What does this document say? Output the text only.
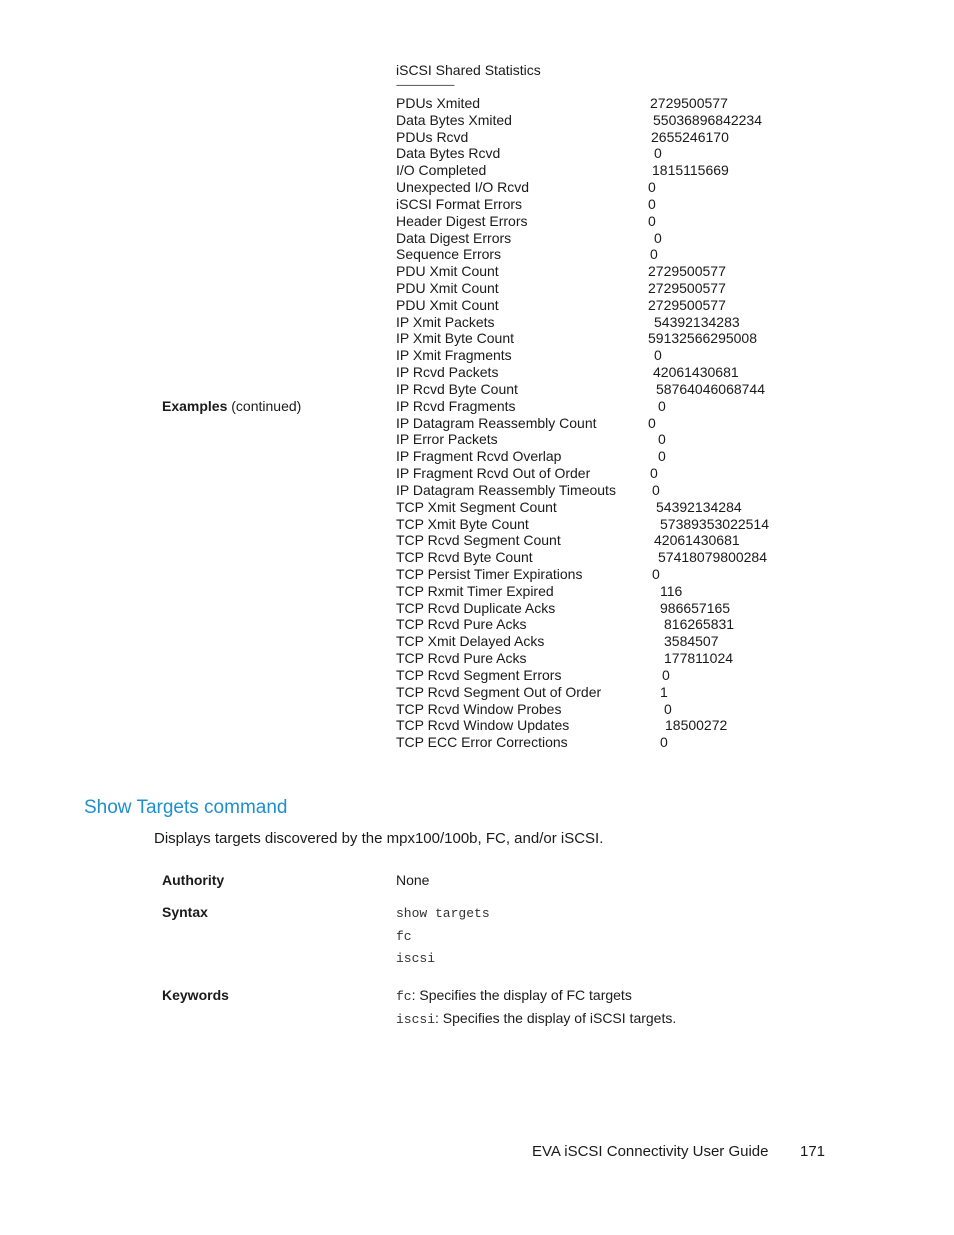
iSCSI Shared Statistics
-----------------------------
PDUs Xmited	2729500577
Data Bytes Xmited	55036896842234
PDUs Rcvd	2655246170
Data Bytes Rcvd	0
I/O Completed	1815115669
Unexpected I/O Rcvd	0
iSCSI Format Errors	0
Header Digest Errors	0
Data Digest Errors	0
Sequence Errors	0
PDU Xmit Count	2729500577
PDU Xmit Count	2729500577
PDU Xmit Count	2729500577
IP Xmit Packets	54392134283
IP Xmit Byte Count	59132566295008
IP Xmit Fragments	0
IP Rcvd Packets	42061430681
IP Rcvd Byte Count	58764046068744
IP Rcvd Fragments	0
IP Datagram Reassembly Count	0
IP Error Packets	0
IP Fragment Rcvd Overlap	0
IP Fragment Rcvd Out of Order	0
IP Datagram Reassembly Timeouts	0
TCP Xmit Segment Count	54392134284
TCP Xmit Byte Count	57389353022514
TCP Rcvd Segment Count	42061430681
TCP Rcvd Byte Count	57418079800284
TCP Persist Timer Expirations	0
TCP Rxmit Timer Expired	116
TCP Rcvd Duplicate Acks	986657165
TCP Rcvd Pure Acks	816265831
TCP Xmit Delayed Acks	3584507
TCP Rcvd Pure Acks	177811024
TCP Rcvd Segment Errors	0
TCP Rcvd Segment Out of Order	1
TCP Rcvd Window Probes	0
TCP Rcvd Window Updates	18500272
TCP ECC Error Corrections	0
Examples (continued)
Show Targets command
Displays targets discovered by the mpx100/100b, FC, and/or iSCSI.
Authority	None
Syntax	show targets
fc
iscsi
Keywords	fc: Specifies the display of FC targets
iscsi: Specifies the display of iSCSI targets.
EVA iSCSI Connectivity User Guide 171
